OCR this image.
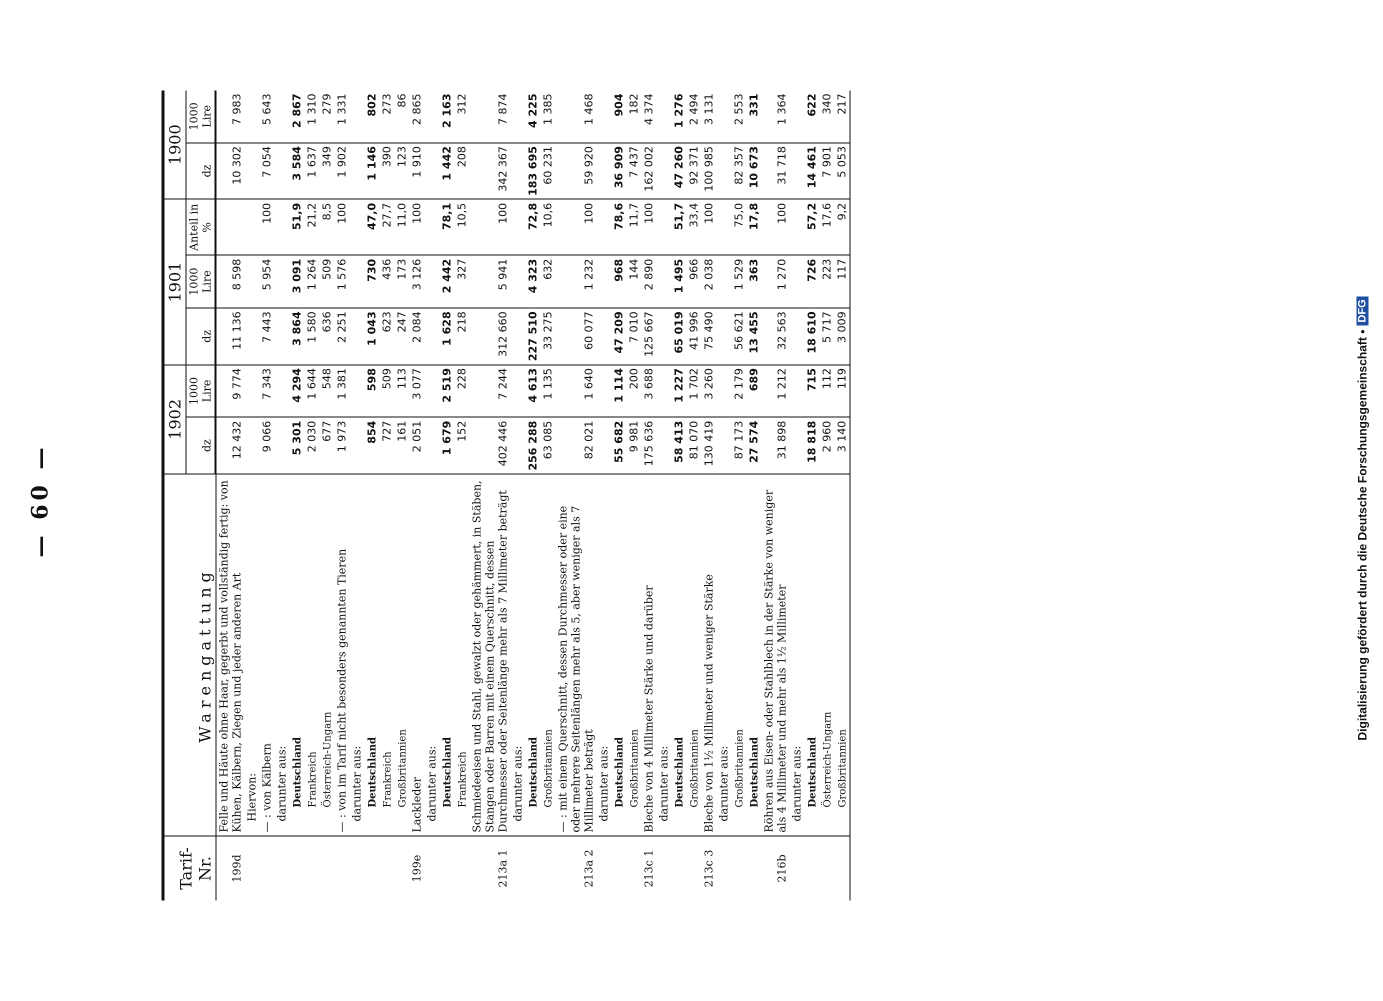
— 60 —
Tarif- Nr.	Warengattung	1902		1901			1900	
		dz	1000 Lire	dz	1000 Lire	Anteil in %	dz	1000 Lire
199d	Felle und Häute ohne Haar, gegerbt und vollständig fertig: von Kühen, Kälbern, Ziegen und jeder anderen Art	12 432	9 774	11 136	8 598		10 302	7 983
	Hiervon:							
	— : von Kälbern	9 066	7 343	7 443	5 954	100	7 054	5 643
	darunter aus:							
	Deutschland	5 301	4 294	3 864	3 091	51,9	3 584	2 867
	Frankreich	2 030	1 644	1 580	1 264	21,2	1 637	1 310
	Österreich-Ungarn	677	548	636	509	8,5	349	279
	— : von im Tarif nicht besonders genannten Tieren	1 973	1 381	2 251	1 576	100	1 902	1 331
	darunter aus:							
	Deutschland	854	598	1 043	730	47,0	1 146	802
	Frankreich	727	509	623	436	27,7	390	273
	Großbritannien	161	113	247	173	11,0	123	86
199e	Lackleder	2 051	3 077	2 084	3 126	100	1 910	2 865
	darunter aus:							
	Deutschland	1 679	2 519	1 628	2 442	78,1	1 442	2 163
	Frankreich	152	228	218	327	10,5	208	312
213a 1	Schmiedeeisen und Stahl, gewalzt oder gehämmert, in Stäben, Stangen oder Barren mit einem Querschnitt, dessen Durchmesser oder Seitenlänge mehr als 7 Millimeter beträgt	402 446	7 244	312 660	5 941	100	342 367	7 874
	darunter aus:							
	Deutschland	256 288	4 613	227 510	4 323	72,8	183 695	4 225
	Großbritannien	63 085	1 135	33 275	632	10,6	60 231	1 385
213a 2	— : mit einem Querschnitt, dessen Durchmesser oder eine oder mehrere Seitenlängen mehr als 5, aber weniger als 7 Millimeter beträgt	82 021	1 640	60 077	1 232	100	59 920	1 468
	darunter aus:							
	Deutschland	55 682	1 114	47 209	968	78,6	36 909	904
	Großbritannien	9 981	200	7 010	144	11,7	7 437	182
213c 1	Bleche von 4 Millimeter Stärke und darüber	175 636	3 688	125 667	2 890	100	162 002	4 374
	darunter aus:							
	Deutschland	58 413	1 227	65 019	1 495	51,7	47 260	1 276
	Großbritannien	81 070	1 702	41 996	966	33,4	92 371	2 494
213c 3	Bleche von 1½ Millimeter und weniger Stärke	130 419	3 260	75 490	2 038	100	100 985	3 131
	darunter aus:							
	Großbritannien	87 173	2 179	56 621	1 529	75,0	82 357	2 553
	Deutschland	27 574	689	13 455	363	17,8	10 673	331
216b	Röhren aus Eisen- oder Stahlblech in der Stärke von weniger als 4 Millimeter und mehr als 1½ Millimeter	31 898	1 212	32 563	1 270	100	31 718	1 364
	darunter aus:							
	Deutschland	18 818	715	18 610	726	57,2	14 461	622
	Österreich-Ungarn	2 960	112	5 717	223	17,6	7 901	340
	Großbritannien	3 140	119	3 009	117	9,2	5 053	217
Digitalisierung gefördert durch die Deutsche Forschungsgemeinschaft •
DFG
